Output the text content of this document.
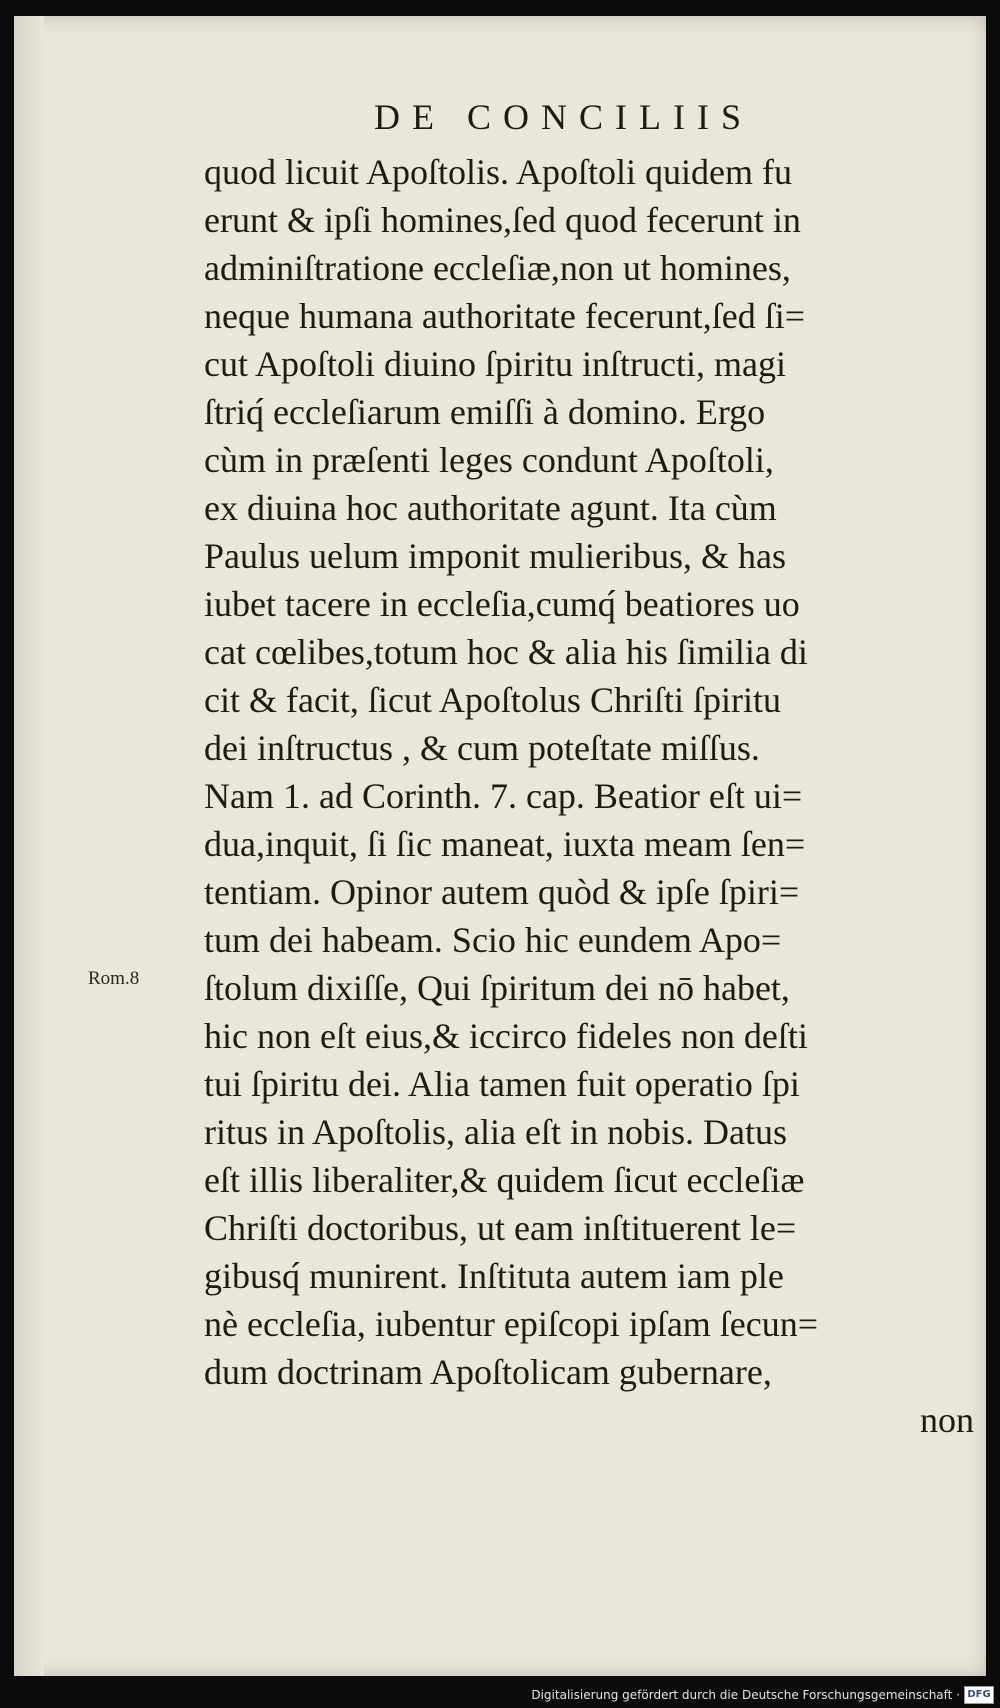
DE CONCILIIS
Rom.8
quod licuit Apoſtolis. Apoſtoli quidem fu
erunt & ipſi homines,ſed quod fecerunt in
adminiſtratione eccleſiæ,non ut homines,
neque humana authoritate fecerunt,ſed ſi=
cut Apoſtoli diuino ſpiritu inſtructi, magi
ſtriq́ eccleſiarum emiſſi à domino. Ergo
cùm in præſenti leges condunt Apoſtoli,
ex diuina hoc authoritate agunt. Ita cùm
Paulus uelum imponit mulieribus, & has
iubet tacere in eccleſia,cumq́ beatiores uo
cat cœlibes,totum hoc & alia his ſimilia di
cit & facit, ſicut Apoſtolus Chriſti ſpiritu
dei inſtructus , & cum poteſtate miſſus.
Nam 1. ad Corinth. 7. cap. Beatior eſt ui=
dua,inquit, ſi ſic maneat, iuxta meam ſen=
tentiam. Opinor autem quòd & ipſe ſpiri=
tum dei habeam. Scio hic eundem Apo=
ſtolum dixiſſe, Qui ſpiritum dei nō habet,
hic non eſt eius,& iccirco fideles non deſti
tui ſpiritu dei. Alia tamen fuit operatio ſpi
ritus in Apoſtolis, alia eſt in nobis. Datus
eſt illis liberaliter,& quidem ſicut eccleſiæ
Chriſti doctoribus, ut eam inſtituerent le=
gibusq́ munirent. Inſtituta autem iam ple
nè eccleſia, iubentur epiſcopi ipſam ſecun=
dum doctrinam Apoſtolicam gubernare,
non
Digitalisierung gefördert durch die Deutsche Forschungsgemeinschaft · DFG
